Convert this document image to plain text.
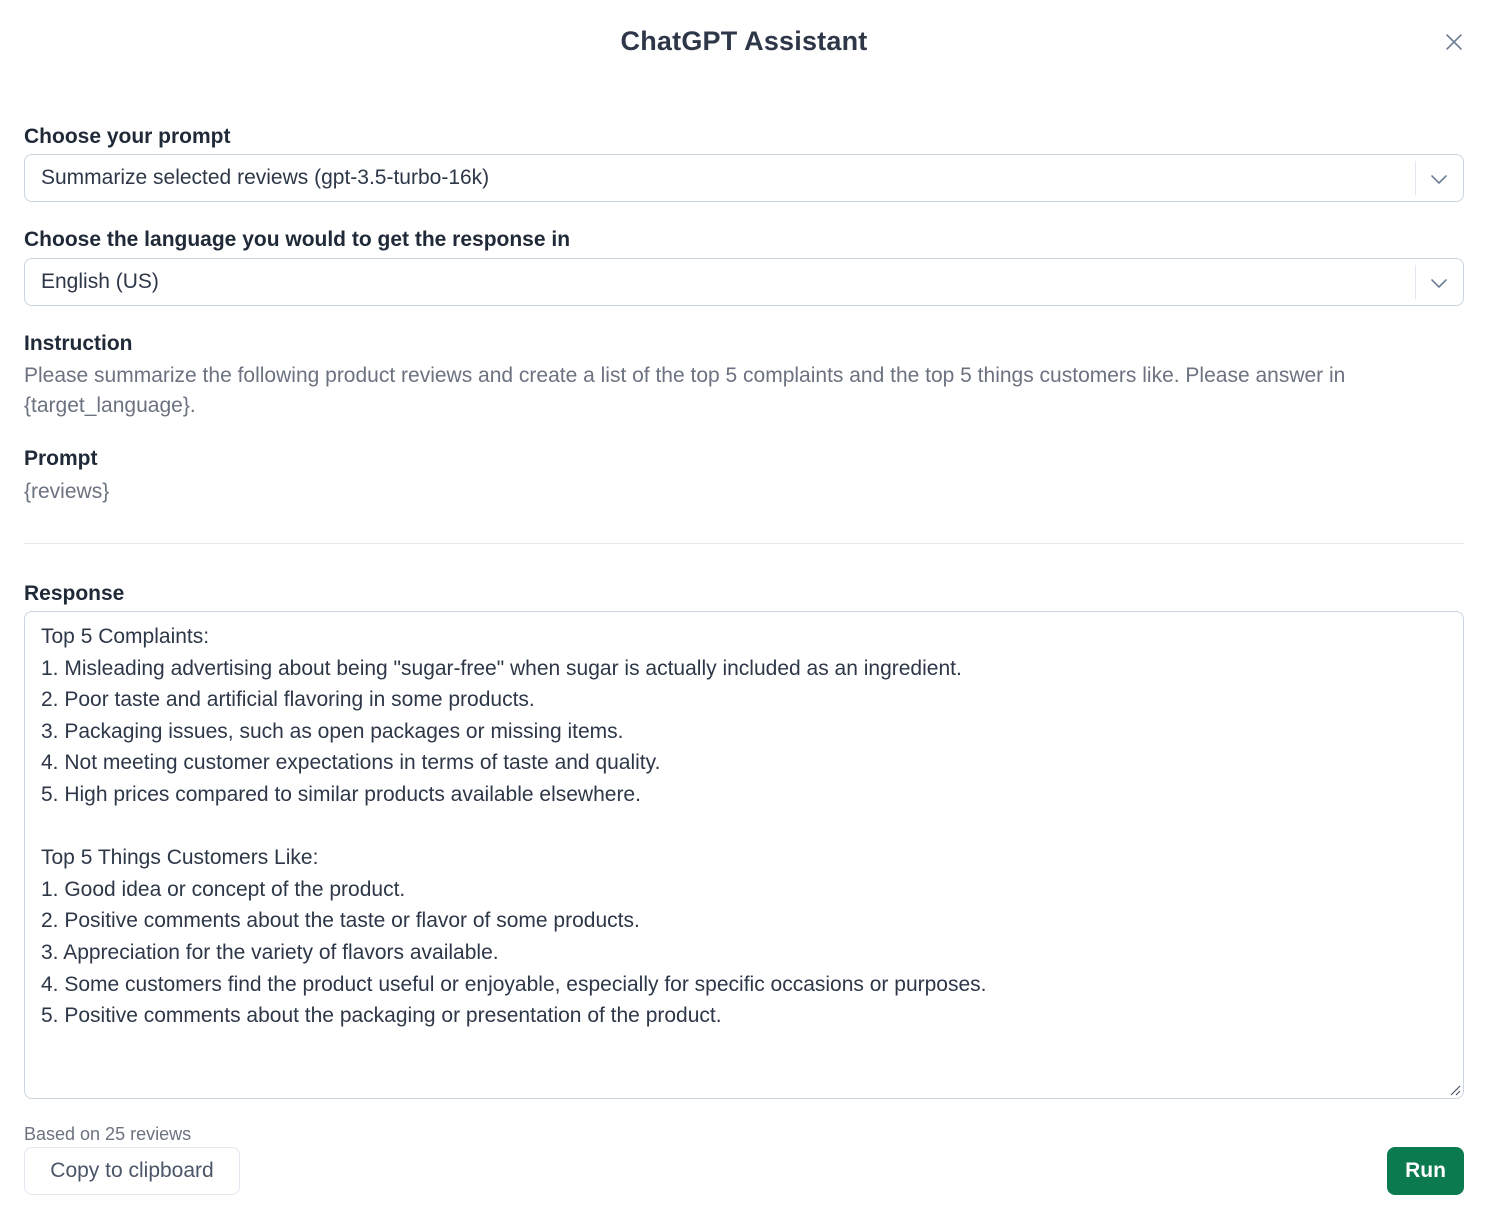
ChatGPT Assistant
Choose your prompt
Summarize selected reviews (gpt-3.5-turbo-16k)
Choose the language you would to get the response in
English (US)
Instruction
Please summarize the following product reviews and create a list of the top 5 complaints and the top 5 things customers like. Please answer in
{target_language}.
Prompt
{reviews}
Response
Top 5 Complaints:
1. Misleading advertising about being "sugar-free" when sugar is actually included as an ingredient.
2. Poor taste and artificial flavoring in some products.
3. Packaging issues, such as open packages or missing items.
4. Not meeting customer expectations in terms of taste and quality.
5. High prices compared to similar products available elsewhere.
Top 5 Things Customers Like:
1. Good idea or concept of the product.
2. Positive comments about the taste or flavor of some products.
3. Appreciation for the variety of flavors available.
4. Some customers find the product useful or enjoyable, especially for specific occasions or purposes.
5. Positive comments about the packaging or presentation of the product.
Based on 25 reviews
Copy to clipboard	Run
